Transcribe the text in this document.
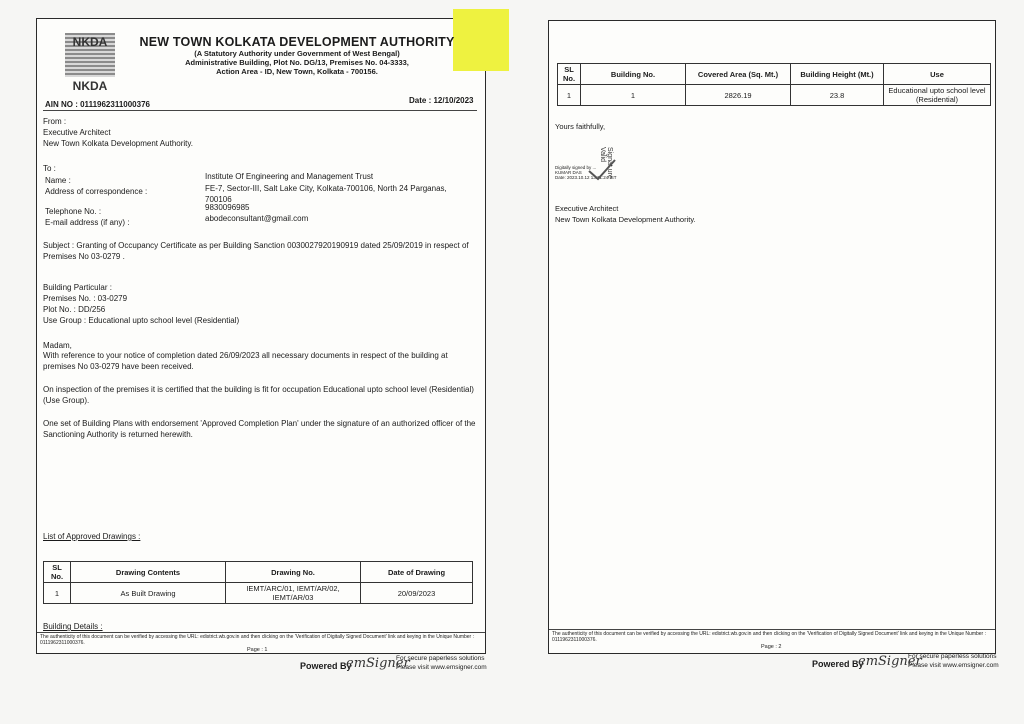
NKDA
NKDA
NEW TOWN KOLKATA DEVELOPMENT AUTHORITY
(A Statutory Authority under Government of West Bengal)
Administrative Building, Plot No. DG/13, Premises No. 04-3333,
Action Area - ID, New Town, Kolkata - 700156.
AIN NO : 0111962311000376	Date : 12/10/2023
From :
Executive Architect
New Town Kolkata Development Authority.
To :
Name :	Institute Of Engineering and Management Trust
Address of correspondence :	FE-7, Sector-III, Salt Lake City, Kolkata-700106, North 24 Parganas, 700106
Telephone No. :	9830096985
E-mail address (if any) :	abodeconsultant@gmail.com
Subject : Granting of Occupancy Certificate as per Building Sanction 0030027920190919 dated 25/09/2019 in respect of Premises No 03-0279 .
Building Particular :
Premises No. : 03-0279
Plot No. : DD/256
Use Group : Educational upto school level (Residential)
Madam,
With reference to your notice of completion dated 26/09/2023 all necessary documents in respect of the building at premises No 03-0279 have been received.
On inspection of the premises it is certified that the building is fit for occupation Educational upto school level (Residential) (Use Group).
One set of Building Plans with endorsement 'Approved Completion Plan' under the signature of an authorized officer of the Sanctioning Authority is returned herewith.
List of Approved Drawings :
SL No.	Drawing Contents	Drawing No.	Date of Drawing
1	As Built Drawing	IEMT/ARC/01, IEMT/AR/02, IEMT/AR/03	20/09/2023
Building Details :
The authenticity of this document can be verified by accessing the URL: edistrict.wb.gov.in and then clicking on the 'Verification of Digitally Signed Document' link and keying in the Unique Number : 0111962311000376.
Page : 1
Powered By
emSigner
For secure paperless solutions
Please visit www.emsigner.com
SL No.	Building No.	Covered Area (Sq. Mt.)	Building Height (Mt.)	Use
1	1	2826.19	23.8	Educational upto school level (Residential)
Yours faithfully,
Signat ure Valid
Digitally signed by ...
KUMAR DAS
Date: 2023.10.12 13:31:24 IST
Executive Architect
New Town Kolkata Development Authority.
The authenticity of this document can be verified by accessing the URL: edistrict.wb.gov.in and then clicking on the 'Verification of Digitally Signed Document' link and keying in the Unique Number : 0111962311000376.
Page : 2
Powered By
emSigner
For secure paperless solutions
Please visit www.emsigner.com
